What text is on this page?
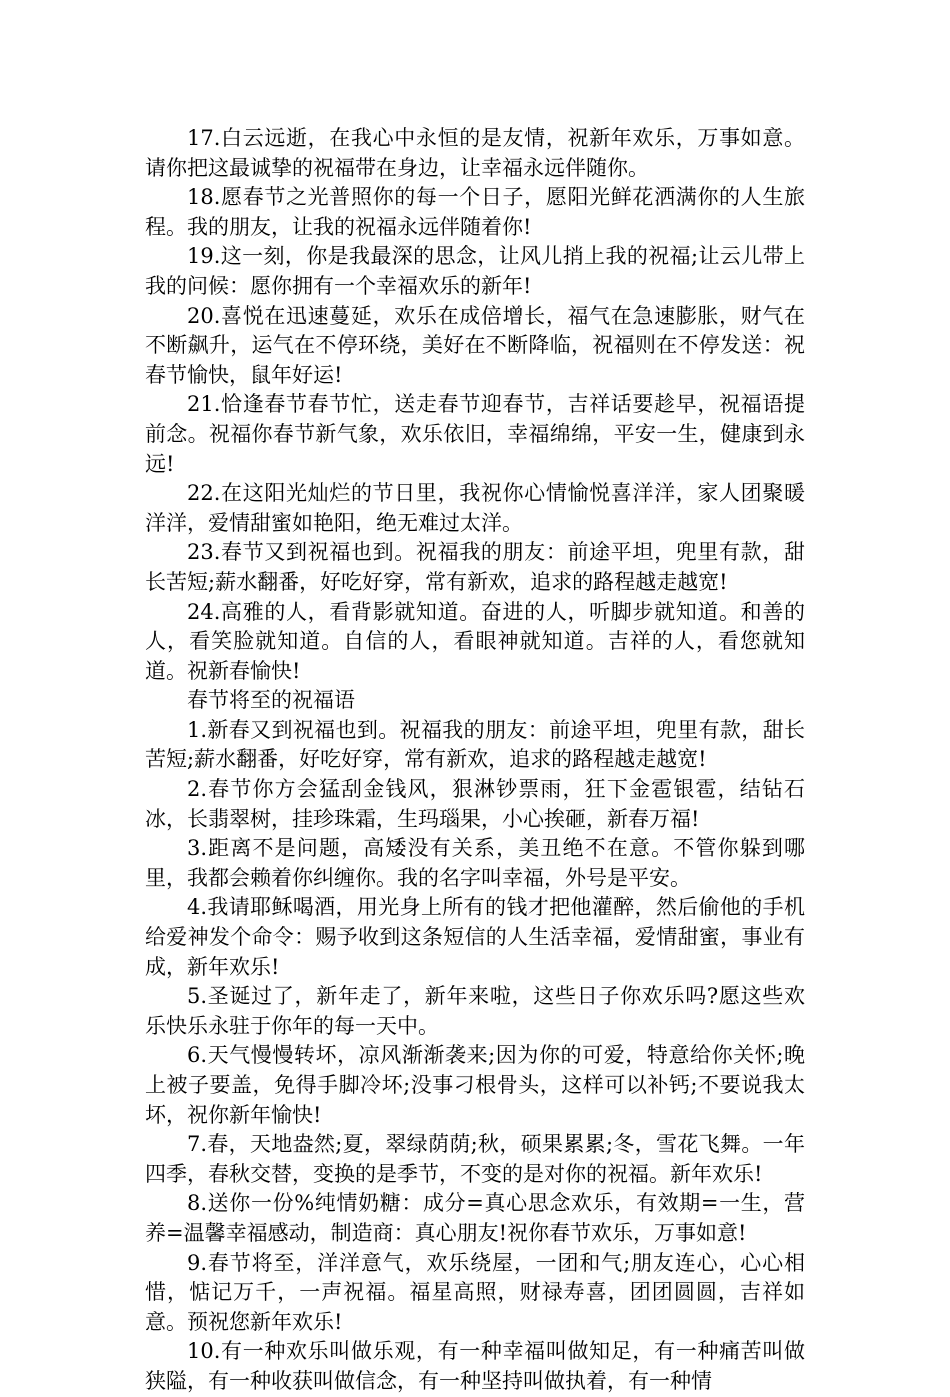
17.白云远逝，在我心中永恒的是友情，祝新年欢乐，万事如意。请你把这最诚挚的祝福带在身边，让幸福永远伴随你。

18.愿春节之光普照你的每一个日子，愿阳光鲜花洒满你的人生旅程。我的朋友，让我的祝福永远伴随着你!

19.这一刻，你是我最深的思念，让风儿捎上我的祝福;让云儿带上我的问候：愿你拥有一个幸福欢乐的新年!

20.喜悦在迅速蔓延，欢乐在成倍增长，福气在急速膨胀，财气在不断飙升，运气在不停环绕，美好在不断降临，祝福则在不停发送：祝春节愉快，鼠年好运!

21.恰逢春节春节忙，送走春节迎春节，吉祥话要趁早，祝福语提前念。祝福你春节新气象，欢乐依旧，幸福绵绵，平安一生，健康到永远!

22.在这阳光灿烂的节日里，我祝你心情愉悦喜洋洋，家人团聚暖洋洋，爱情甜蜜如艳阳，绝无难过太洋。

23.春节又到祝福也到。祝福我的朋友：前途平坦，兜里有款，甜长苦短;薪水翻番，好吃好穿，常有新欢，追求的路程越走越宽!

24.高雅的人，看背影就知道。奋进的人，听脚步就知道。和善的人，看笑脸就知道。自信的人，看眼神就知道。吉祥的人，看您就知道。祝新春愉快!

春节将至的祝福语

1.新春又到祝福也到。祝福我的朋友：前途平坦，兜里有款，甜长苦短;薪水翻番，好吃好穿，常有新欢，追求的路程越走越宽!

2.春节你方会猛刮金钱风，狠淋钞票雨，狂下金雹银雹，结钻石冰，长翡翠树，挂珍珠霜，生玛瑙果，小心挨砸，新春万福!

3.距离不是问题，高矮没有关系，美丑绝不在意。不管你躲到哪里，我都会赖着你纠缠你。我的名字叫幸福，外号是平安。

4.我请耶稣喝酒，用光身上所有的钱才把他灌醉，然后偷他的手机给爱神发个命令：赐予收到这条短信的人生活幸福，爱情甜蜜，事业有成，新年欢乐!

5.圣诞过了，新年走了，新年来啦，这些日子你欢乐吗?愿这些欢乐快乐永驻于你年的每一天中。

6.天气慢慢转坏，凉风渐渐袭来;因为你的可爱，特意给你关怀;晚上被子要盖，免得手脚冷坏;没事刁根骨头，这样可以补钙;不要说我太坏，祝你新年愉快!

7.春，天地盎然;夏，翠绿荫荫;秋，硕果累累;冬，雪花飞舞。一年四季，春秋交替，变换的是季节，不变的是对你的祝福。新年欢乐!

8.送你一份%纯情奶糖：成分=真心思念欢乐，有效期=一生，营养=温馨幸福感动，制造商：真心朋友!祝你春节欢乐，万事如意!

9.春节将至，洋洋意气，欢乐绕屋，一团和气;朋友连心，心心相惜，惦记万千，一声祝福。福星高照，财禄寿喜，团团圆圆，吉祥如意。预祝您新年欢乐!

10.有一种欢乐叫做乐观，有一种幸福叫做知足，有一种痛苦叫做狭隘，有一种收获叫做信念，有一种坚持叫做执着，有一种情
